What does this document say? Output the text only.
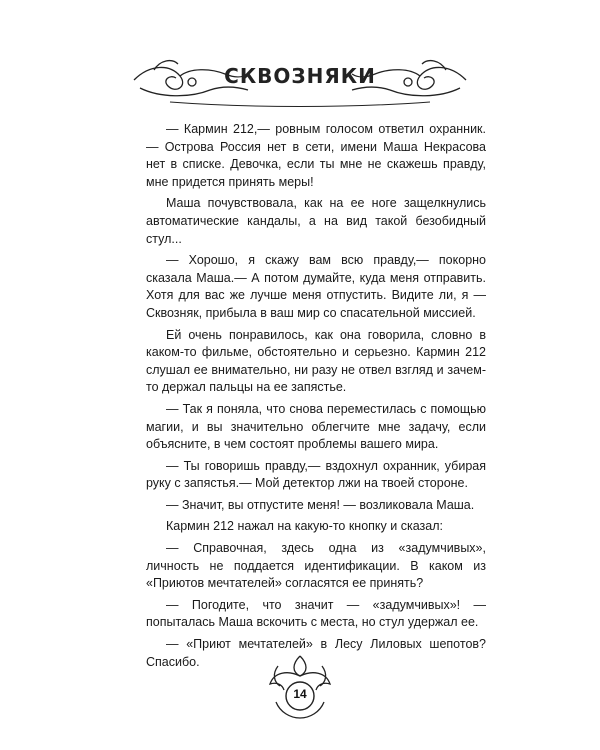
СКВОЗНЯКИ

— Кармин 212,— ровным голосом ответил охранник.— Острова Россия нет в сети, имени Маша Некрасова нет в списке. Девочка, если ты мне не скажешь правду, мне придется принять меры!

Маша почувствовала, как на ее ноге защелкнулись автоматические кандалы, а на вид такой безобидный стул...

— Хорошо, я скажу вам всю правду,— покорно сказала Маша.— А потом думайте, куда меня отправить. Хотя для вас же лучше меня отпустить. Видите ли, я — Сквозняк, прибыла в ваш мир со спасательной миссией.

Ей очень понравилось, как она говорила, словно в каком-то фильме, обстоятельно и серьезно. Кармин 212 слушал ее внимательно, ни разу не отвел взгляд и зачем-то держал пальцы на ее запястье.

— Так я поняла, что снова переместилась с помощью магии, и вы значительно облегчите мне задачу, если объясните, в чем состоят проблемы вашего мира.

— Ты говоришь правду,— вздохнул охранник, убирая руку с запястья.— Мой детектор лжи на твоей стороне.

— Значит, вы отпустите меня! — возликовала Маша.

Кармин 212 нажал на какую-то кнопку и сказал:

— Справочная, здесь одна из «задумчивых», личность не поддается идентификации. В каком из «Приютов мечтателей» согласятся ее принять?

— Погодите, что значит — «задумчивых»! — попыталась Маша вскочить с места, но стул удержал ее.

— «Приют мечтателей» в Лесу Лиловых шепотов? Спасибо.

14
